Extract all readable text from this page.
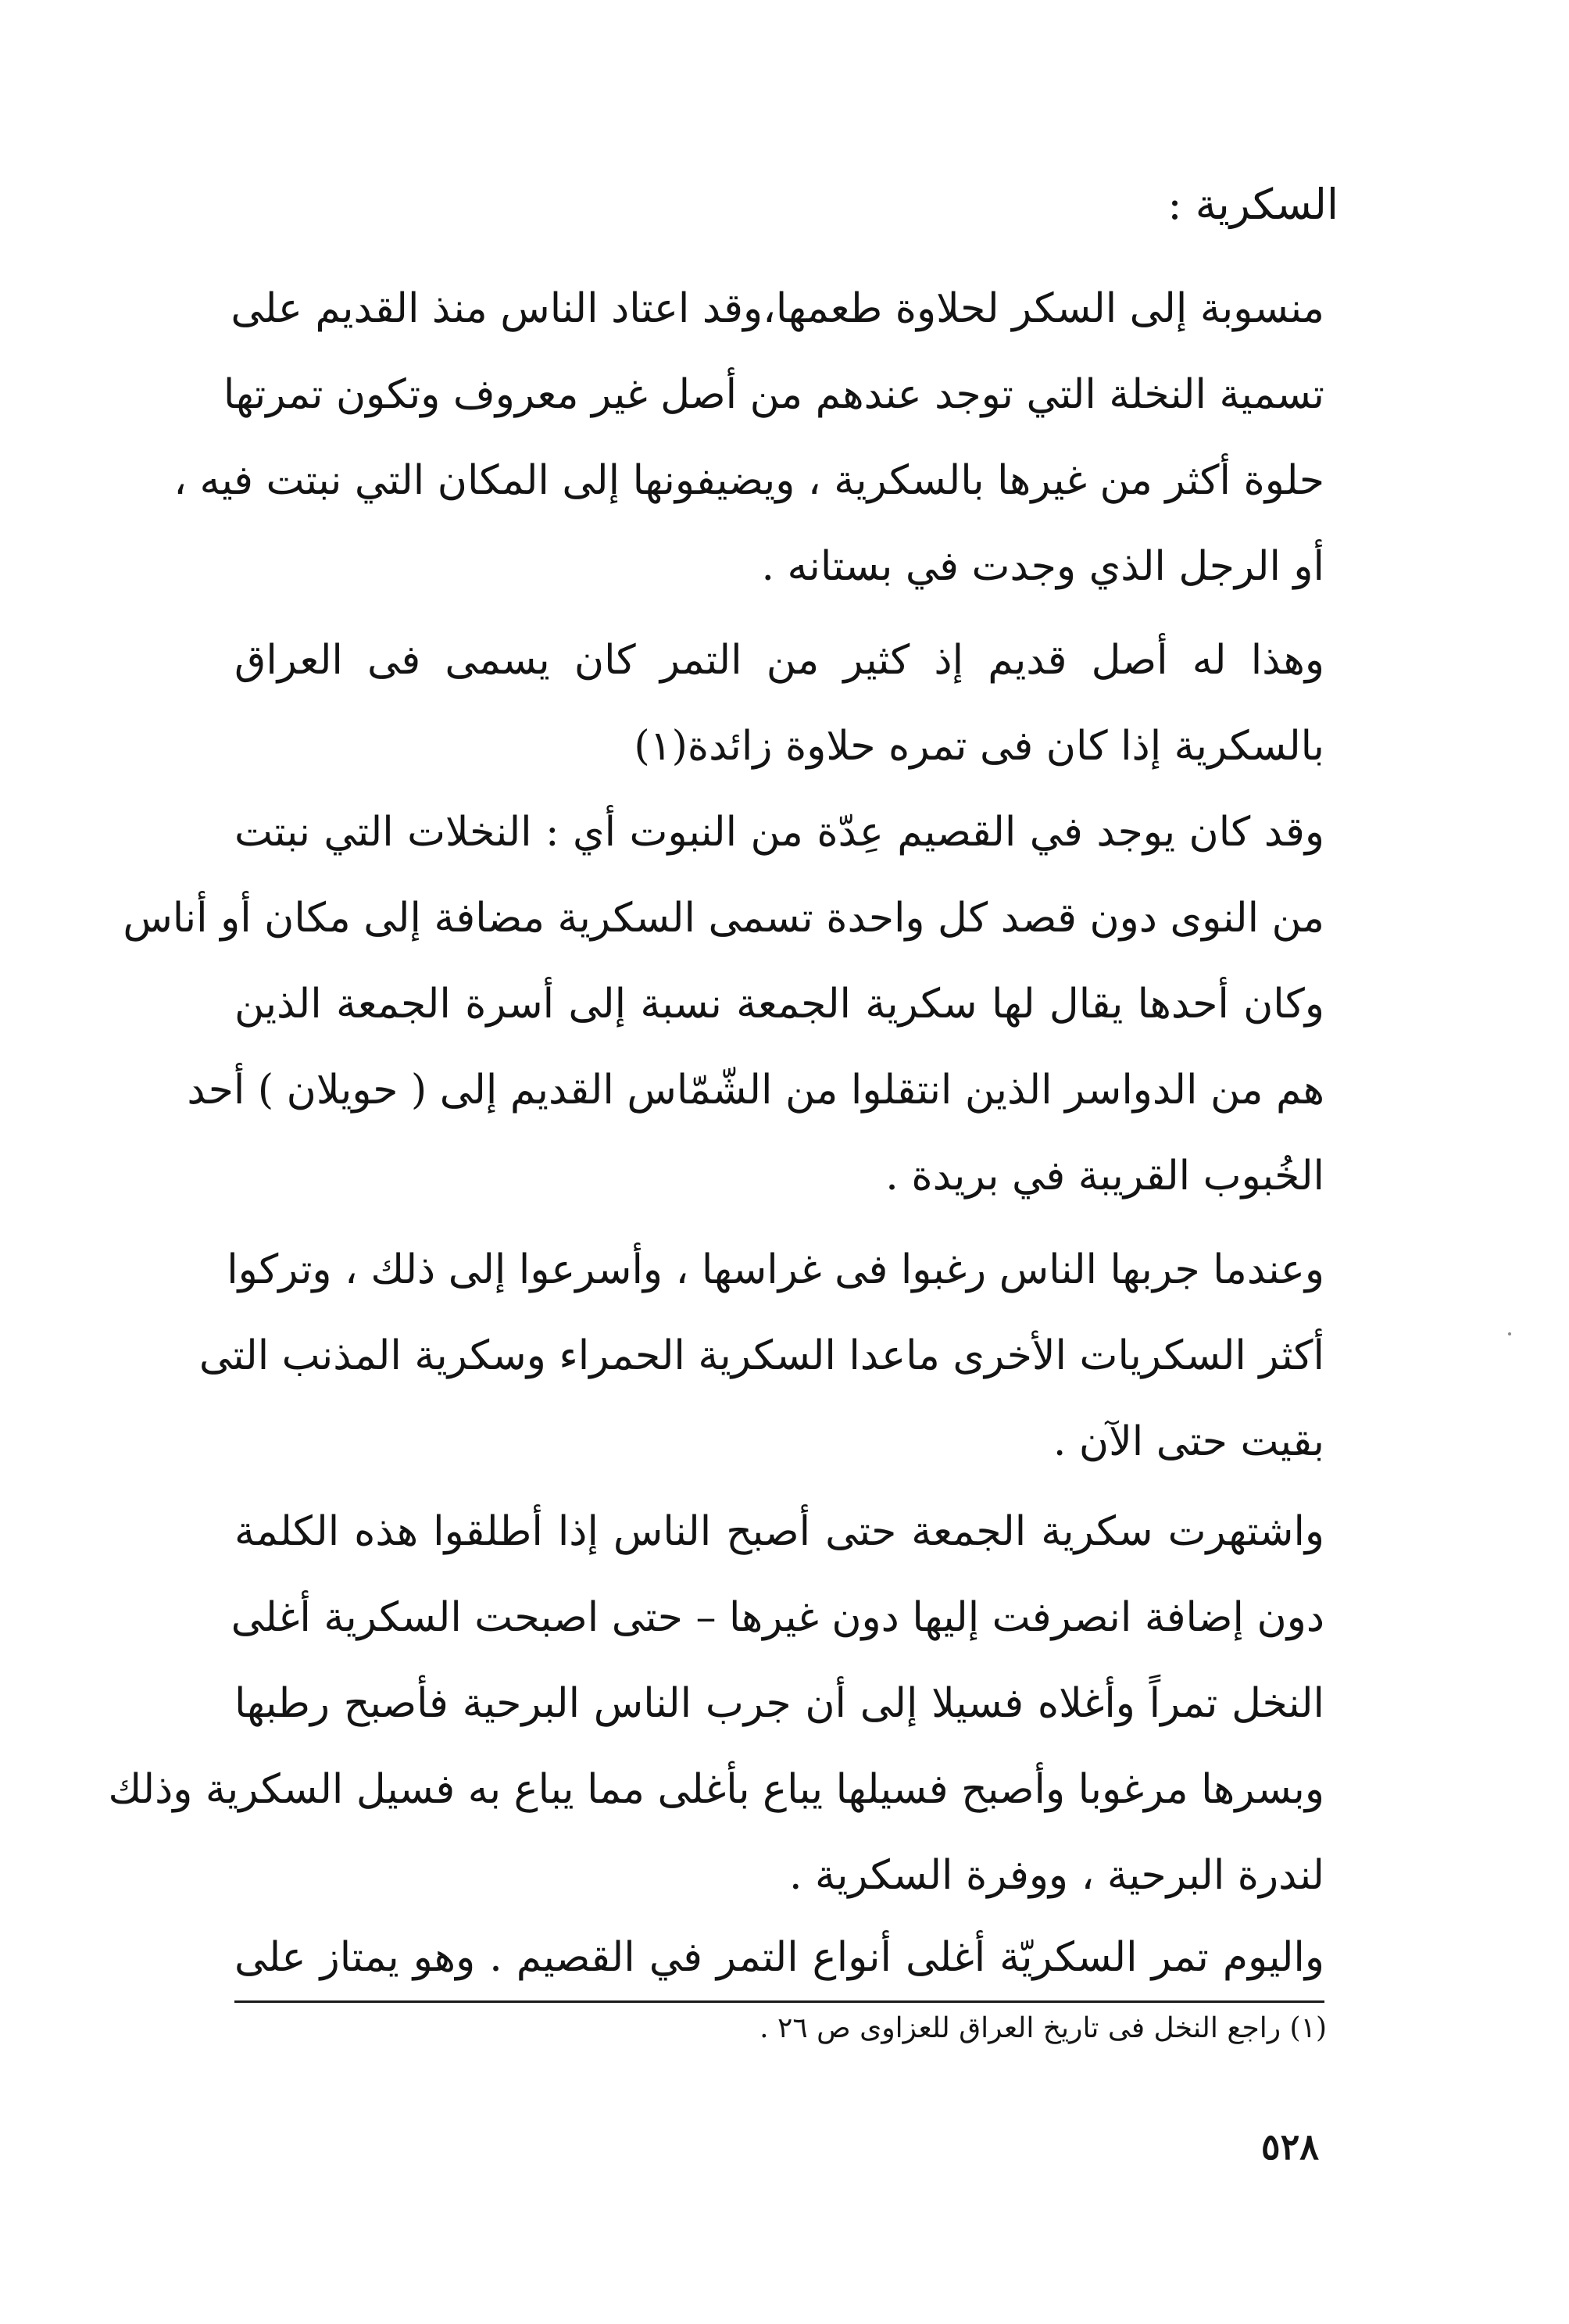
السكرية :
منسوبة إلى السكر لحلاوة طعمها،وقد اعتاد الناس منذ القديم على
تسمية النخلة التي توجد عندهم من أصل غير معروف وتكون تمرتها
حلوة أكثر من غيرها بالسكرية ، ويضيفونها إلى المكان التي نبتت فيه ،
أو الرجل الذي وجدت في بستانه .
وهذا له أصل قديم إذ كثير من التمر كان يسمى فى العراق
بالسكرية إذا كان فى تمره حلاوة زائدة(١)
وقد كان يوجد في القصيم عِدّة من النبوت أي : النخلات التي نبتت
من النوى دون قصد كل واحدة تسمى السكرية مضافة إلى مكان أو أناس
وكان أحدها يقال لها سكرية الجمعة نسبة إلى أسرة الجمعة الذين
هم من الدواسر الذين انتقلوا من الشّمّاس القديم إلى ( حويلان ) أحد
الخُبوب القريبة في بريدة .
وعندما جربها الناس رغبوا فى غراسها ، وأسرعوا إلى ذلك ، وتركوا
أكثر السكريات الأخرى ماعدا السكرية الحمراء وسكرية المذنب التى
بقيت حتى الآن .
واشتهرت سكرية الجمعة حتى أصبح الناس إذا أطلقوا هذه الكلمة
دون إضافة انصرفت إليها دون غيرها – حتى اصبحت السكرية أغلى
النخل تمراً وأغلاه فسيلا إلى أن جرب الناس البرحية فأصبح رطبها
وبسرها مرغوبا وأصبح فسيلها يباع بأغلى مما يباع به فسيل السكرية وذلك
لندرة البرحية ، ووفرة السكرية .
واليوم تمر السكريّة أغلى أنواع التمر في القصيم . وهو يمتاز على
(١) راجع النخل فى تاريخ العراق للعزاوى ص ٢٦ .
٥٢٨
